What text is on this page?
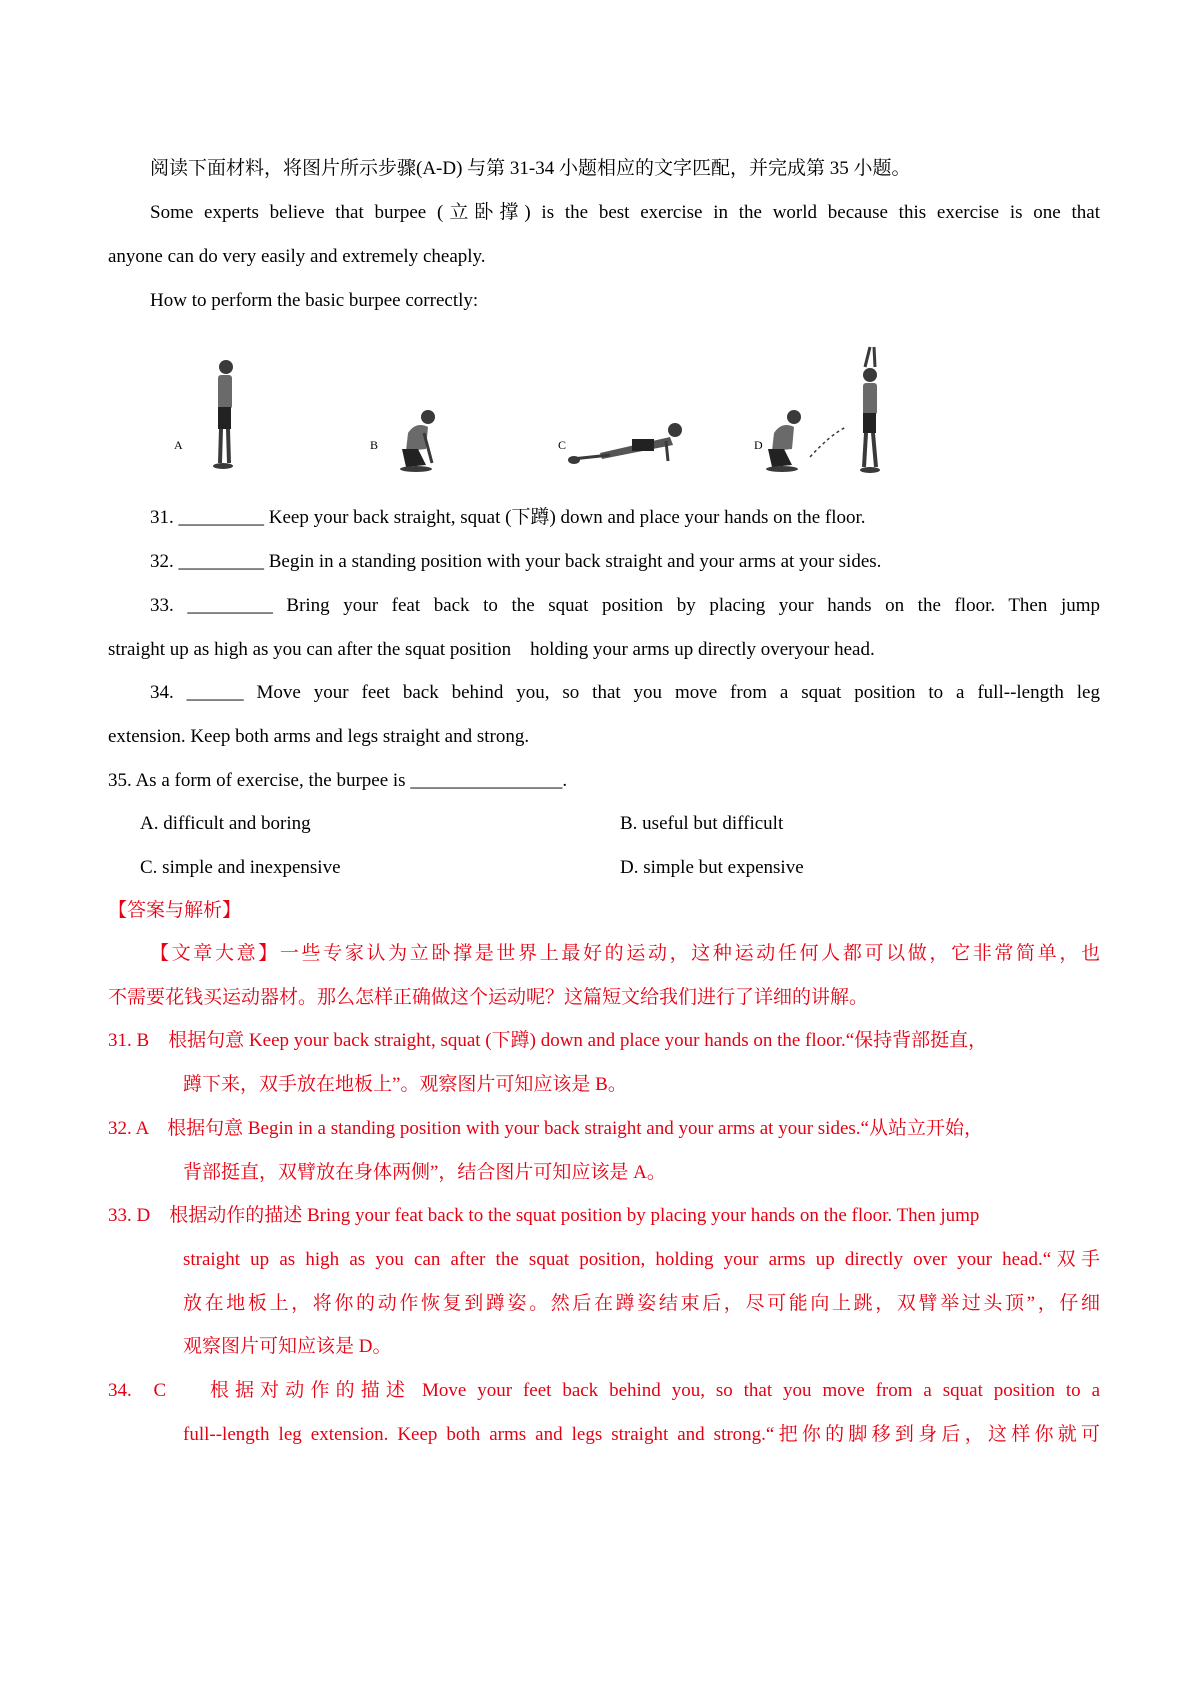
阅读下面材料，将图片所示步骤(A-D) 与第 31-34 小题相应的文字匹配，并完成第 35 小题。
Some experts believe that burpee (立卧撑) is the best exercise in the world because this exercise is one that
anyone can do very easily and extremely cheaply.
How to perform the basic burpee correctly:
A	B	C	D
31. _________ Keep your back straight, squat (下蹲) down and place your hands on the floor.
32. _________ Begin in a standing position with your back straight and your arms at your sides.
33. _________ Bring your feat back to the squat position by placing your hands on the floor. Then jump
straight up as high as you can after the squat position    holding your arms up directly overyour head.
34. ______ Move your feet back behind you, so that you move from a squat position to a full--length leg
extension. Keep both arms and legs straight and strong.
35. As a form of exercise, the burpee is ________________.
A. difficult and boring	B. useful but difficult
C. simple and inexpensive	D. simple but expensive
【答案与解析】
【文章大意】一些专家认为立卧撑是世界上最好的运动，这种运动任何人都可以做，它非常简单，也
不需要花钱买运动器材。那么怎样正确做这个运动呢？这篇短文给我们进行了详细的讲解。
31. B    根据句意 Keep your back straight, squat (下蹲) down and place your hands on the floor.“保持背部挺直，
蹲下来，双手放在地板上”。观察图片可知应该是 B。
32. A    根据句意 Begin in a standing position with your back straight and your arms at your sides.“从站立开始，
背部挺直，双臂放在身体两侧”，结合图片可知应该是 A。
33. D    根据动作的描述 Bring your feat back to the squat position by placing your hands on the floor. Then jump
straight up as high as you can after the squat position, holding your arms up directly over your head.“双手
放在地板上，将你的动作恢复到蹲姿。然后在蹲姿结束后，尽可能向上跳，双臂举过头顶”，仔细
观察图片可知应该是 D。
34.  C    根据对动作的描述 Move your feet back behind you, so that you move from a squat position to a
full--length leg extension. Keep both arms and legs straight and strong.“把你的脚移到身后，这样你就可
